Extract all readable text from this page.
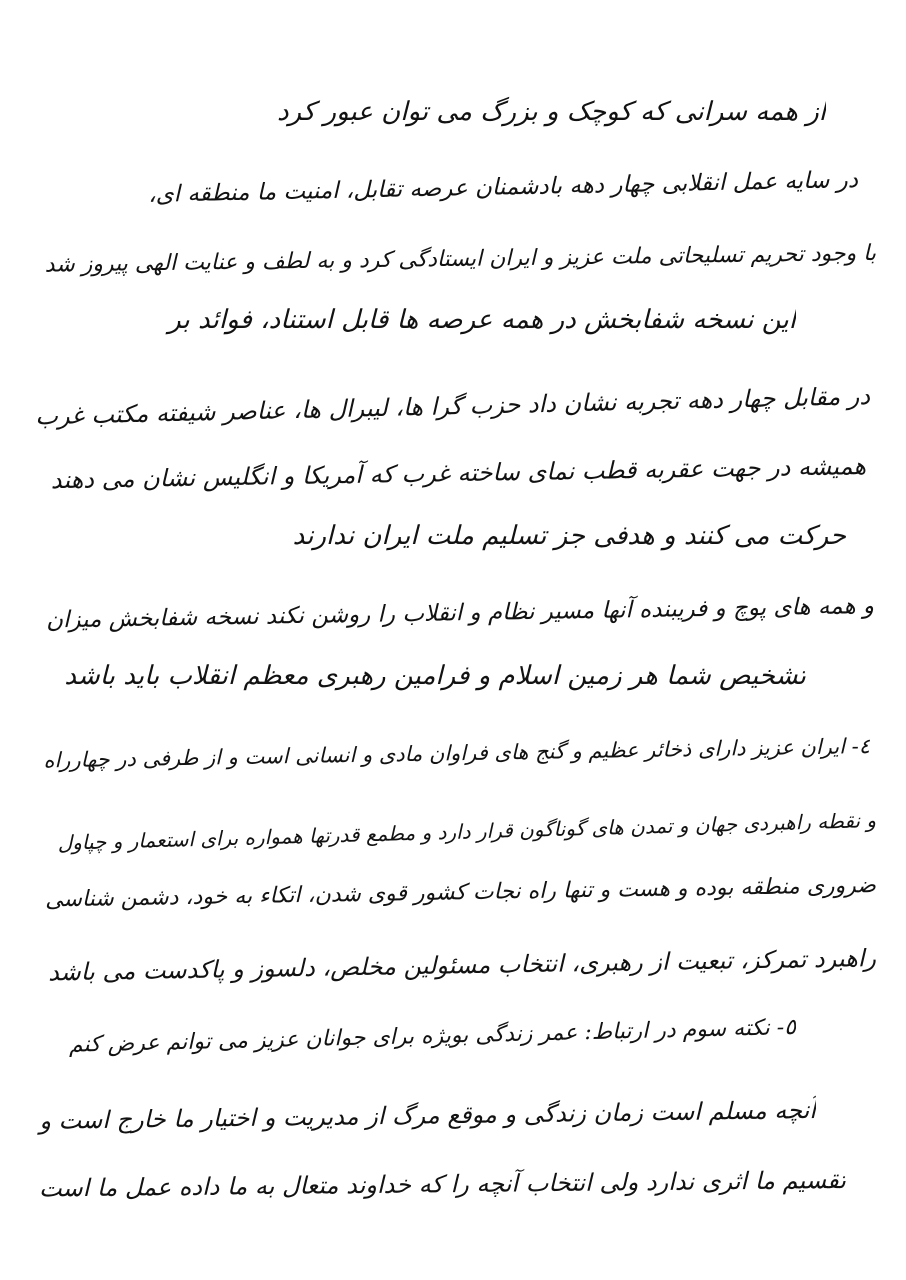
از همه سرانی که کوچک و بزرگ می توان عبور کرد
در سایه عمل انقلابی چهار دهه بادشمنان عرصه تقابل، امنیت ما منطقه ای،
با وجود تحریم تسلیحاتی ملت عزیز و ایران ایستادگی کرد و به لطف و عنایت الهی پیروز شد
این نسخه شفابخش در همه عرصه ها قابل استناد، فوائد بر
در مقابل چهار دهه تجربه نشان داد حزب گرا ها، لیبرال ها، عناصر شیفته مکتب غرب
همیشه در جهت عقربه قطب نمای ساخته غرب که آمریکا و انگلیس نشان می دهند
حرکت می کنند و هدفی جز تسلیم ملت ایران ندارند
و همه های پوچ و فریبنده آنها مسیر نظام و انقلاب را روشن نکند نسخه شفابخش میزان
تشخیص شما هر زمین اسلام و فرامین رهبری معظم انقلاب باید باشد
٤- ایران عزیز دارای ذخائر عظیم و گنج های فراوان مادی و انسانی است و از طرفی در چهارراه
و نقطه راهبردی جهان و تمدن های گوناگون قرار دارد و مطمع قدرتها همواره برای استعمار و چپاول
ضروری منطقه بوده و هست و تنها راه نجات کشور قوی شدن، اتکاء به خود، دشمن شناسی
راهبرد تمرکز، تبعیت از رهبری، انتخاب مسئولین مخلص، دلسوز و پاکدست می باشد
٥- نکته سوم در ارتباط: عمر زندگی بویژه برای جوانان عزیز می توانم عرض کنم
آنچه مسلم است زمان زندگی و موقع مرگ از مدیریت و اختیار ما خارج است و
تقسیم ما اثری ندارد ولی انتخاب آنچه را که خداوند متعال به ما داده عمل ما است
